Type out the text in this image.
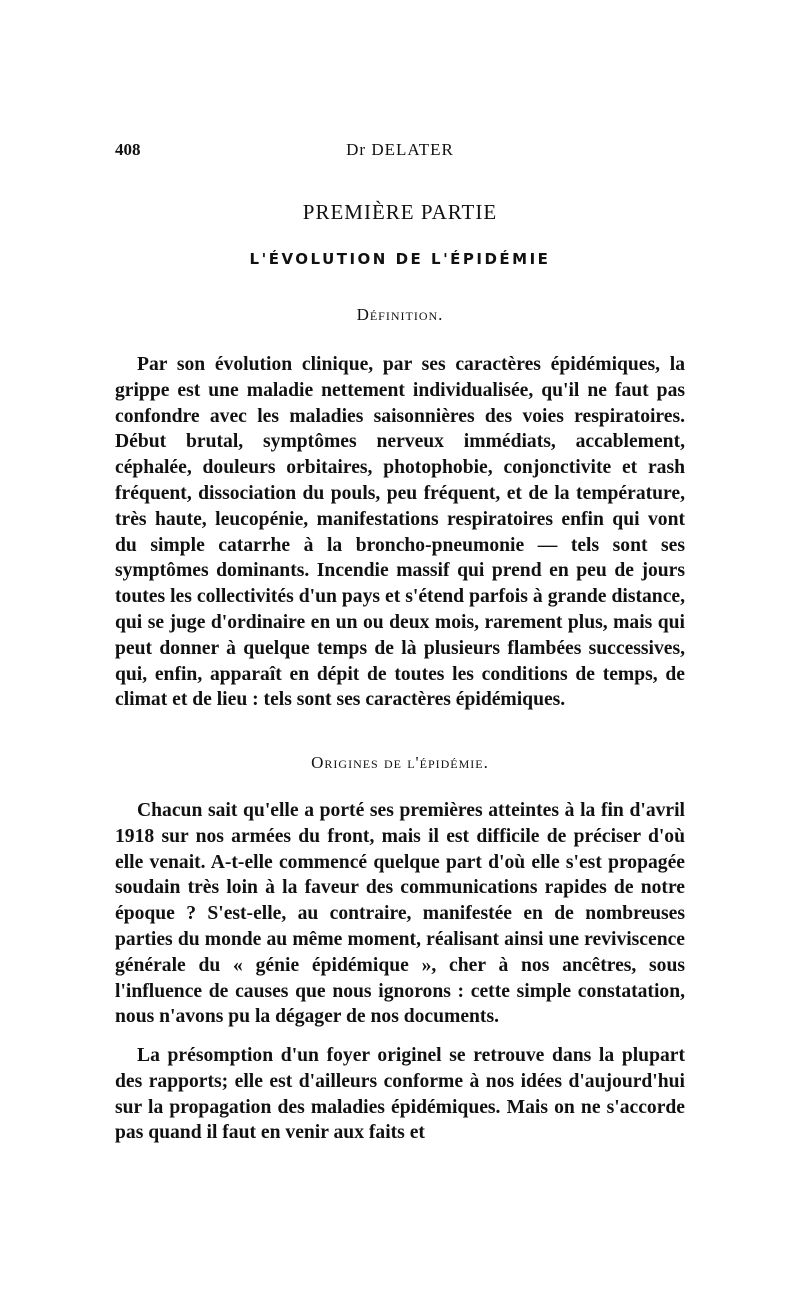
408	Dr DELATER
PREMIÈRE PARTIE
L'ÉVOLUTION DE L'ÉPIDÉMIE
Définition.

Par son évolution clinique, par ses caractères épidémiques, la grippe est une maladie nettement individualisée, qu'il ne faut pas confondre avec les maladies saisonnières des voies respiratoires. Début brutal, symptômes nerveux immédiats, accablement, céphalée, douleurs orbitaires, photophobie, conjonctivite et rash fréquent, dissociation du pouls, peu fréquent, et de la température, très haute, leucopénie, manifestations respiratoires enfin qui vont du simple catarrhe à la broncho-pneumonie — tels sont ses symptômes dominants. Incendie massif qui prend en peu de jours toutes les collectivités d'un pays et s'étend parfois à grande distance, qui se juge d'ordinaire en un ou deux mois, rarement plus, mais qui peut donner à quelque temps de là plusieurs flambées successives, qui, enfin, apparaît en dépit de toutes les conditions de temps, de climat et de lieu : tels sont ses caractères épidémiques.

Origines de l'épidémie.

Chacun sait qu'elle a porté ses premières atteintes à la fin d'avril 1918 sur nos armées du front, mais il est difficile de préciser d'où elle venait. A-t-elle commencé quelque part d'où elle s'est propagée soudain très loin à la faveur des communications rapides de notre époque ? S'est-elle, au contraire, manifestée en de nombreuses parties du monde au même moment, réalisant ainsi une reviviscence générale du « génie épidémique », cher à nos ancêtres, sous l'influence de causes que nous ignorons : cette simple constatation, nous n'avons pu la dégager de nos documents.

La présomption d'un foyer originel se retrouve dans la plupart des rapports; elle est d'ailleurs conforme à nos idées d'aujourd'hui sur la propagation des maladies épidémiques. Mais on ne s'accorde pas quand il faut en venir aux faits et
